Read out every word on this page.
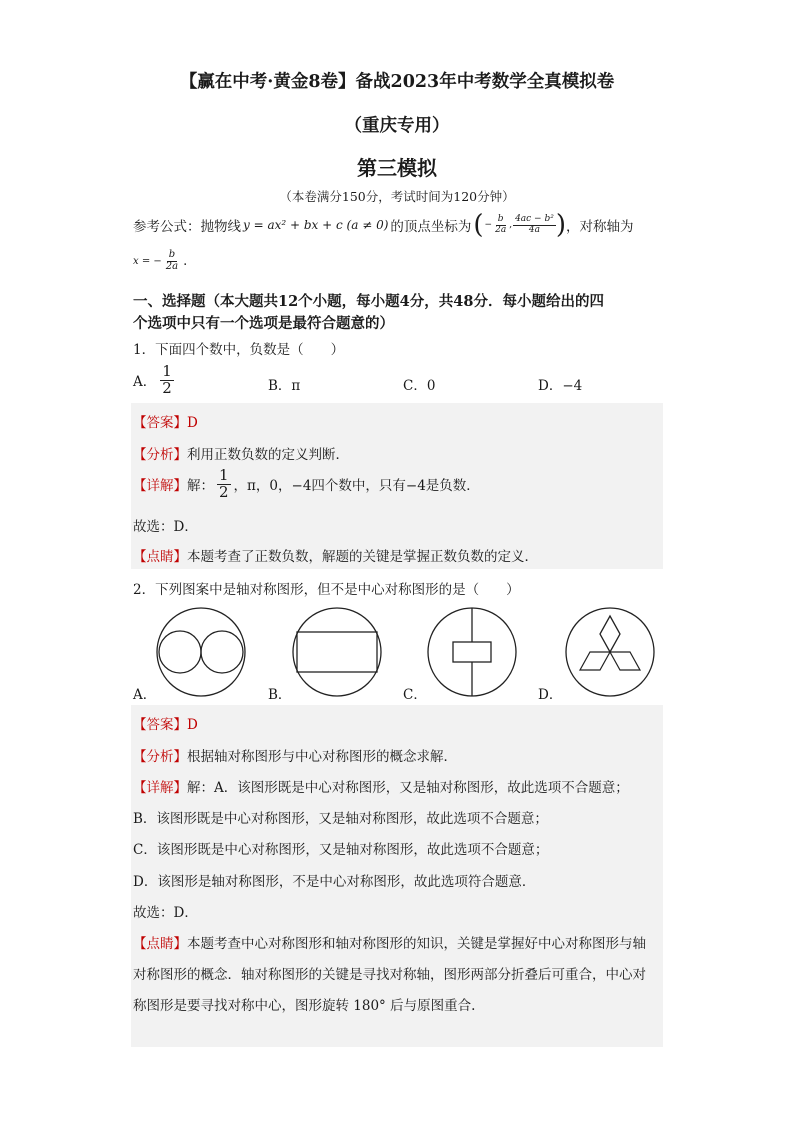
【赢在中考·黄金8卷】备战2023年中考数学全真模拟卷
（重庆专用）
第三模拟
（本卷满分150分，考试时间为120分钟）
参考公式：抛物线 y = ax² + bx + c (a ≠ 0) 的顶点坐标为 ( − $\frac{b}{2a}$ , $\frac{\text{4ac − b²}}{4a}$ ) ，对称轴为
x = − $\frac{b}{2a}$ .
一、选择题（本大题共12个小题，每小题4分，共48分．每小题给出的四
个选项中只有一个选项是最符合题意的）
1．下面四个数中，负数是（　　）
A． $\frac{1}{2}$	B．π	C．0	D．−4
【答案】D
【分析】利用正数负数的定义判断．
【详解】 解： $\frac{1}{2}$ ，π，0，−4四个数中，只有−4是负数．
故选：D．
【点睛】本题考查了正数负数，解题的关键是掌握正数负数的定义．
2．下列图案中是轴对称图形，但不是中心对称图形的是（　　）
A．	B．	C．	D．
【答案】D
【分析】根据轴对称图形与中心对称图形的概念求解．
【详解】解：A．该图形既是中心对称图形，又是轴对称图形，故此选项不合题意；
B．该图形既是中心对称图形，又是轴对称图形，故此选项不合题意；
C．该图形既是中心对称图形，又是轴对称图形，故此选项不合题意；
D．该图形是轴对称图形，不是中心对称图形，故此选项符合题意．
故选：D．
【点睛】本题考查中心对称图形和轴对称图形的知识，关键是掌握好中心对称图形与轴
对称图形的概念．轴对称图形的关键是寻找对称轴，图形两部分折叠后可重合，中心对
称图形是要寻找对称中心，图形旋转 180° 后与原图重合.
